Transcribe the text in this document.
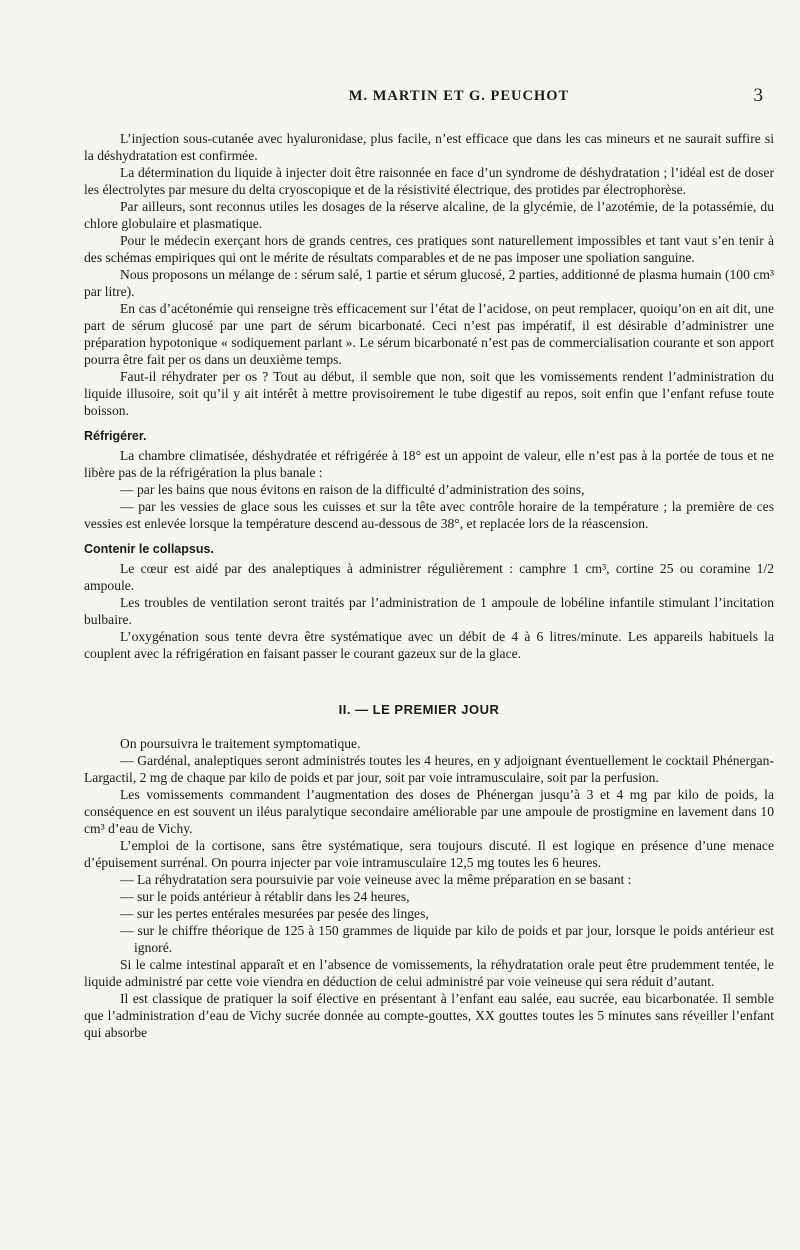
M. MARTIN ET G. PEUCHOT	3

L’injection sous-cutanée avec hyaluronidase, plus facile, n’est efficace que dans les cas mineurs et ne saurait suffire si la déshydratation est confirmée.

La détermination du liquide à injecter doit être raisonnée en face d’un syndrome de déshydratation ; l’idéal est de doser les électrolytes par mesure du delta cryoscopique et de la résistivité électrique, des protides par électrophorèse.

Par ailleurs, sont reconnus utiles les dosages de la réserve alcaline, de la glycémie, de l’azotémie, de la potassémie, du chlore globulaire et plasmatique.

Pour le médecin exerçant hors de grands centres, ces pratiques sont naturellement impossibles et tant vaut s’en tenir à des schémas empiriques qui ont le mérite de résultats comparables et de ne pas imposer une spoliation sanguine.

Nous proposons un mélange de : sérum salé, 1 partie et sérum glucosé, 2 parties, additionné de plasma humain (100 cm³ par litre).

En cas d’acétonémie qui renseigne très efficacement sur l’état de l’acidose, on peut remplacer, quoiqu’on en ait dit, une part de sérum glucosé par une part de sérum bicarbonaté. Ceci n’est pas impératif, il est désirable d’administrer une préparation hypotonique « sodiquement parlant ». Le sérum bicarbonaté n’est pas de commercialisation courante et son apport pourra être fait per os dans un deuxième temps.

Faut-il réhydrater per os ? Tout au début, il semble que non, soit que les vomissements rendent l’administration du liquide illusoire, soit qu’il y ait intérêt à mettre provisoirement le tube digestif au repos, soit enfin que l’enfant refuse toute boisson.

Réfrigérer.

La chambre climatisée, déshydratée et réfrigérée à 18° est un appoint de valeur, elle n’est pas à la portée de tous et ne libère pas de la réfrigération la plus banale :

— par les bains que nous évitons en raison de la difficulté d’administration des soins,

— par les vessies de glace sous les cuisses et sur la tête avec contrôle horaire de la température ; la première de ces vessies est enlevée lorsque la température descend au-dessous de 38°, et replacée lors de la réascension.

Contenir le collapsus.

Le cœur est aidé par des analeptiques à administrer régulièrement : camphre 1 cm³, cortine 25 ou coramine 1/2 ampoule.

Les troubles de ventilation seront traités par l’administration de 1 ampoule de lobéline infantile stimulant l’incitation bulbaire.

L’oxygénation sous tente devra être systématique avec un débit de 4 à 6 litres/minute. Les appareils habituels la couplent avec la réfrigération en faisant passer le courant gazeux sur de la glace.

II. — LE PREMIER JOUR

On poursuivra le traitement symptomatique.

— Gardénal, analeptiques seront administrés toutes les 4 heures, en y adjoignant éventuellement le cocktail Phénergan-Largactil, 2 mg de chaque par kilo de poids et par jour, soit par voie intramusculaire, soit par la perfusion.

Les vomissements commandent l’augmentation des doses de Phénergan jusqu’à 3 et 4 mg par kilo de poids, la conséquence en est souvent un iléus paralytique secondaire améliorable par une ampoule de prostigmine en lavement dans 10 cm³ d’eau de Vichy.

L’emploi de la cortisone, sans être systématique, sera toujours discuté. Il est logique en présence d’une menace d’épuisement surrénal. On pourra injecter par voie intramusculaire 12,5 mg toutes les 6 heures.

— La réhydratation sera poursuivie par voie veineuse avec la même préparation en se basant :

— sur le poids antérieur à rétablir dans les 24 heures,

— sur les pertes entérales mesurées par pesée des linges,

— sur le chiffre théorique de 125 à 150 grammes de liquide par kilo de poids et par jour, lorsque le poids antérieur est ignoré.

Si le calme intestinal apparaît et en l’absence de vomissements, la réhydratation orale peut être prudemment tentée, le liquide administré par cette voie viendra en déduction de celui administré par voie veineuse qui sera réduit d’autant.

Il est classique de pratiquer la soif élective en présentant à l’enfant eau salée, eau sucrée, eau bicarbonatée. Il semble que l’administration d’eau de Vichy sucrée donnée au compte-gouttes, XX gouttes toutes les 5 minutes sans réveiller l’enfant qui absorbe
